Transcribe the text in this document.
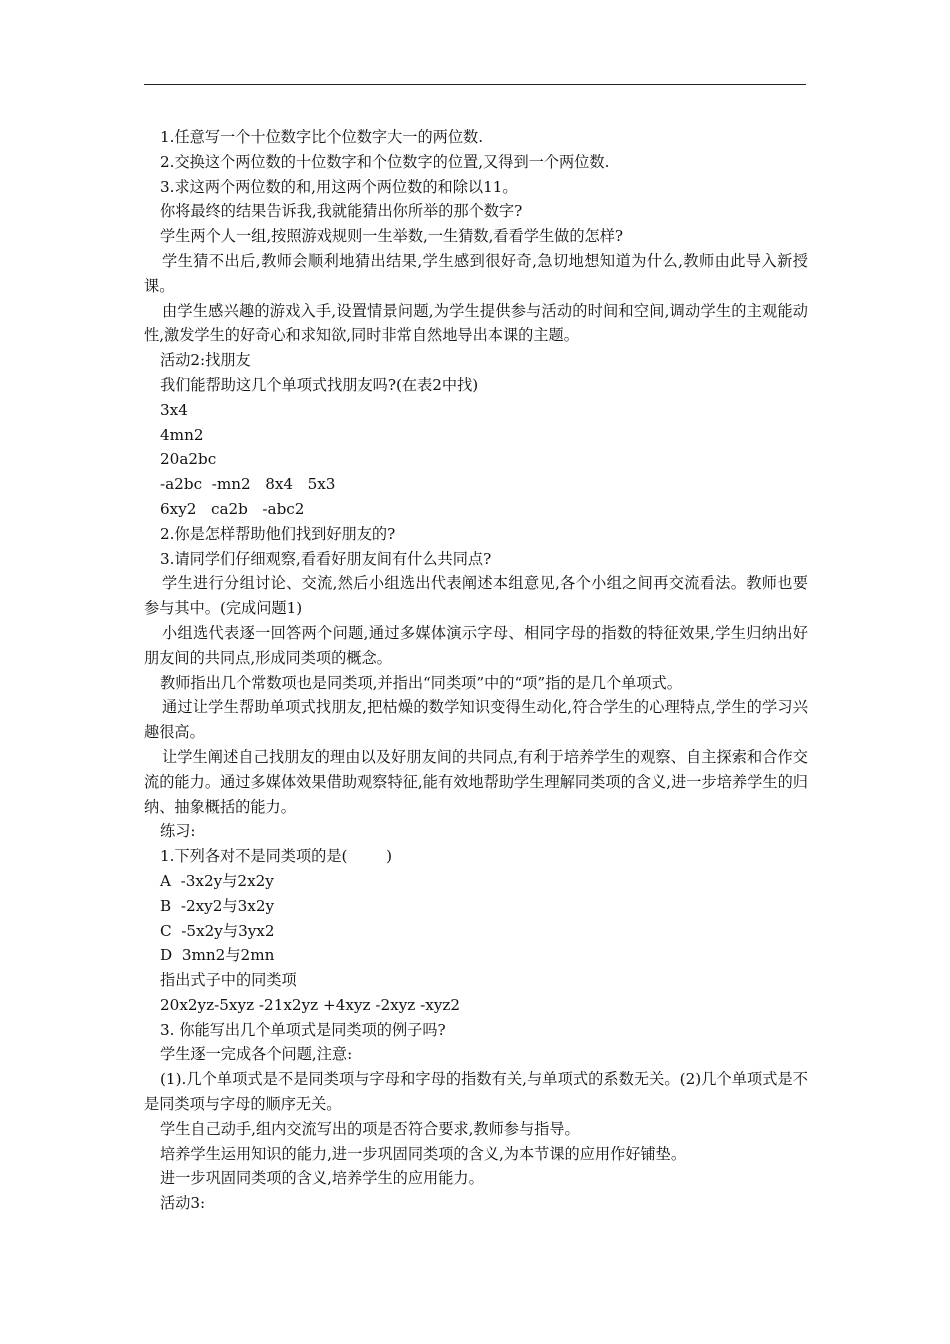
1.任意写一个十位数字比个位数字大一的两位数.

2.交换这个两位数的十位数字和个位数字的位置,又得到一个两位数.

3.求这两个两位数的和,用这两个两位数的和除以11。

你将最终的结果告诉我,我就能猜出你所举的那个数字?

学生两个人一组,按照游戏规则一生举数,一生猜数,看看学生做的怎样?

学生猜不出后,教师会顺利地猜出结果,学生感到很好奇,急切地想知道为什么,教师由此导入新授课。

由学生感兴趣的游戏入手,设置情景问题,为学生提供参与活动的时间和空间,调动学生的主观能动性,激发学生的好奇心和求知欲,同时非常自然地导出本课的主题。

活动2:找朋友

我们能帮助这几个单项式找朋友吗?(在表2中找)

3x4

4mn2

20a2bc

-a2bc  -mn2   8x4   5x3

6xy2   ca2b   -abc2

2.你是怎样帮助他们找到好朋友的?

3.请同学们仔细观察,看看好朋友间有什么共同点?

学生进行分组讨论、交流,然后小组选出代表阐述本组意见,各个小组之间再交流看法。教师也要参与其中。(完成问题1)

小组选代表逐一回答两个问题,通过多媒体演示字母、相同字母的指数的特征效果,学生归纳出好朋友间的共同点,形成同类项的概念。

教师指出几个常数项也是同类项,并指出“同类项”中的“项”指的是几个单项式。

通过让学生帮助单项式找朋友,把枯燥的数学知识变得生动化,符合学生的心理特点,学生的学习兴趣很高。

让学生阐述自己找朋友的理由以及好朋友间的共同点,有利于培养学生的观察、自主探索和合作交流的能力。通过多媒体效果借助观察特征,能有效地帮助学生理解同类项的含义,进一步培养学生的归纳、抽象概括的能力。

练习:

1.下列各对不是同类项的是(        )

A  -3x2y与2x2y

B  -2xy2与3x2y

C  -5x2y与3yx2

D  3mn2与2mn

指出式子中的同类项

20x2yz-5xyz -21x2yz +4xyz -2xyz -xyz2

3. 你能写出几个单项式是同类项的例子吗?

学生逐一完成各个问题,注意:

(1).几个单项式是不是同类项与字母和字母的指数有关,与单项式的系数无关。(2)几个单项式是不是同类项与字母的顺序无关。

学生自己动手,组内交流写出的项是否符合要求,教师参与指导。

培养学生运用知识的能力,进一步巩固同类项的含义,为本节课的应用作好铺垫。

进一步巩固同类项的含义,培养学生的应用能力。

活动3:
